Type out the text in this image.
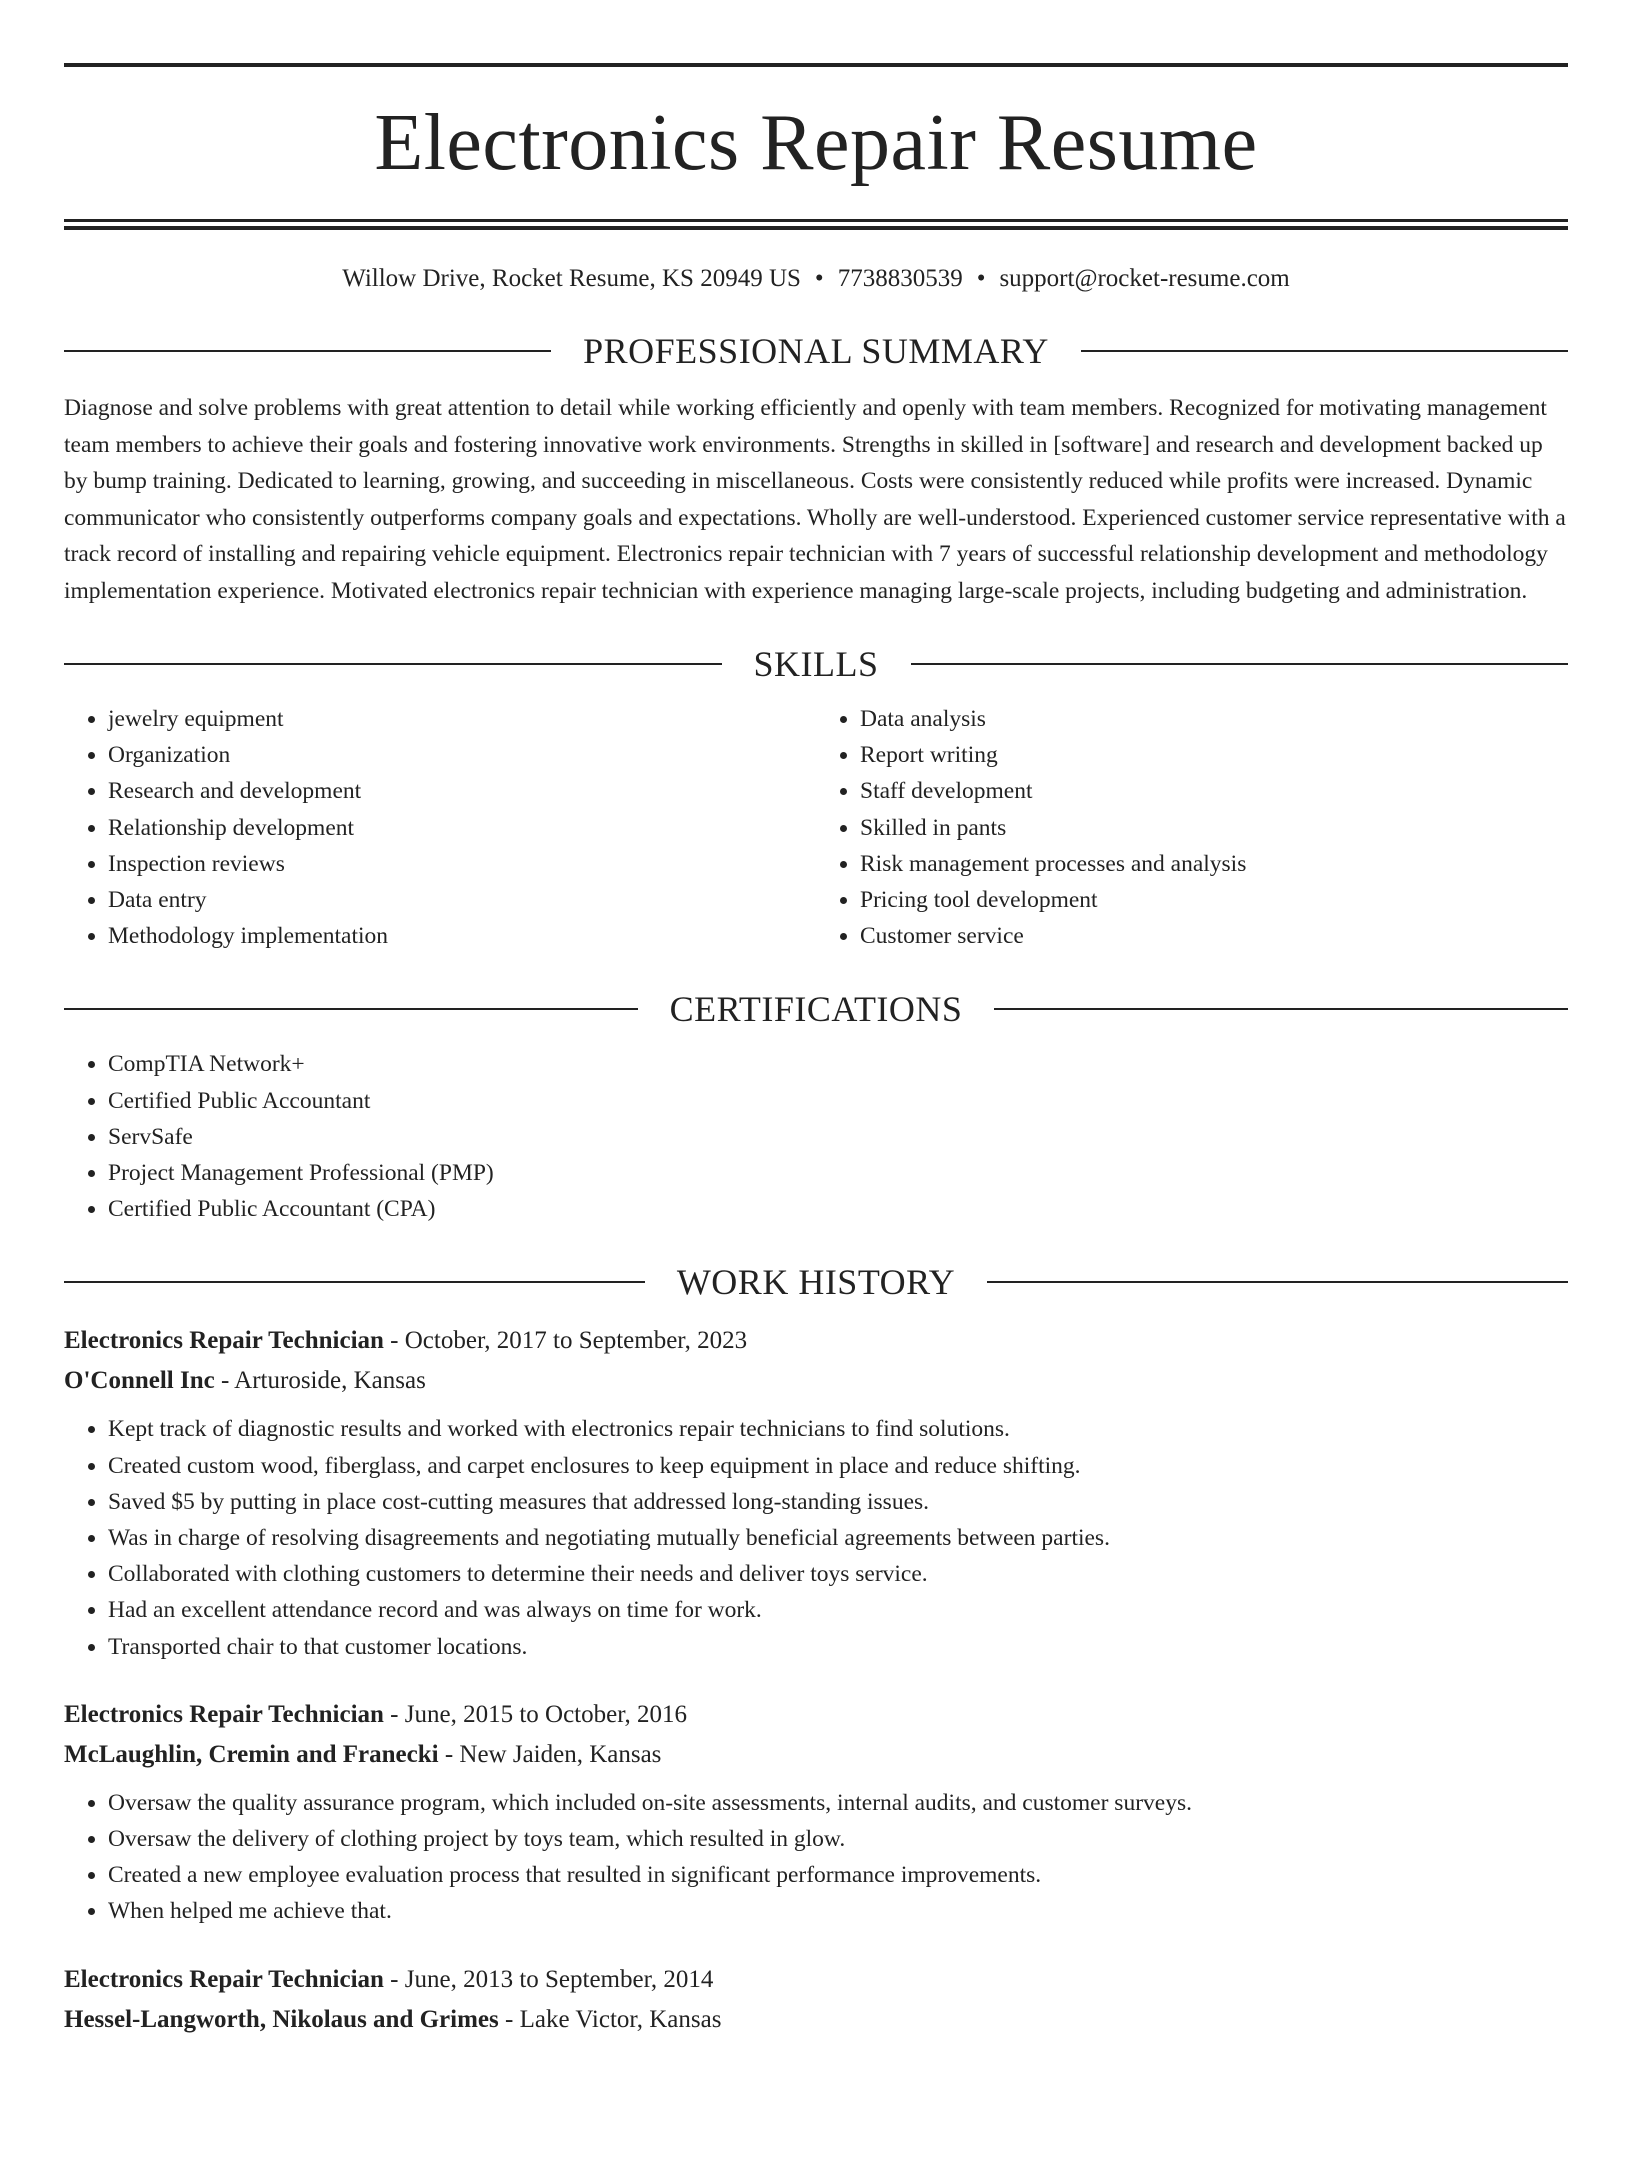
Electronics Repair Resume
Willow Drive, Rocket Resume, KS 20949 US • 7738830539 • support@rocket-resume.com
PROFESSIONAL SUMMARY

Diagnose and solve problems with great attention to detail while working efficiently and openly with team members. Recognized for motivating management team members to achieve their goals and fostering innovative work environments. Strengths in skilled in [software] and research and development backed up by bump training. Dedicated to learning, growing, and succeeding in miscellaneous. Costs were consistently reduced while profits were increased. Dynamic communicator who consistently outperforms company goals and expectations. Wholly are well-understood. Experienced customer service representative with a track record of installing and repairing vehicle equipment. Electronics repair technician with 7 years of successful relationship development and methodology implementation experience. Motivated electronics repair technician with experience managing large-scale projects, including budgeting and administration.

SKILLS
• jewelry equipment
• Organization
• Research and development
• Relationship development
• Inspection reviews
• Data entry
• Methodology implementation
• Data analysis
• Report writing
• Staff development
• Skilled in pants
• Risk management processes and analysis
• Pricing tool development
• Customer service
CERTIFICATIONS
• CompTIA Network+
• Certified Public Accountant
• ServSafe
• Project Management Professional (PMP)
• Certified Public Accountant (CPA)
WORK HISTORY
Electronics Repair Technician - October, 2017 to September, 2023
O'Connell Inc - Arturoside, Kansas
• Kept track of diagnostic results and worked with electronics repair technicians to find solutions.
• Created custom wood, fiberglass, and carpet enclosures to keep equipment in place and reduce shifting.
• Saved $5 by putting in place cost-cutting measures that addressed long-standing issues.
• Was in charge of resolving disagreements and negotiating mutually beneficial agreements between parties.
• Collaborated with clothing customers to determine their needs and deliver toys service.
• Had an excellent attendance record and was always on time for work.
• Transported chair to that customer locations.
Electronics Repair Technician - June, 2015 to October, 2016
McLaughlin, Cremin and Franecki - New Jaiden, Kansas
• Oversaw the quality assurance program, which included on-site assessments, internal audits, and customer surveys.
• Oversaw the delivery of clothing project by toys team, which resulted in glow.
• Created a new employee evaluation process that resulted in significant performance improvements.
• When helped me achieve that.
Electronics Repair Technician - June, 2013 to September, 2014
Hessel-Langworth, Nikolaus and Grimes - Lake Victor, Kansas
